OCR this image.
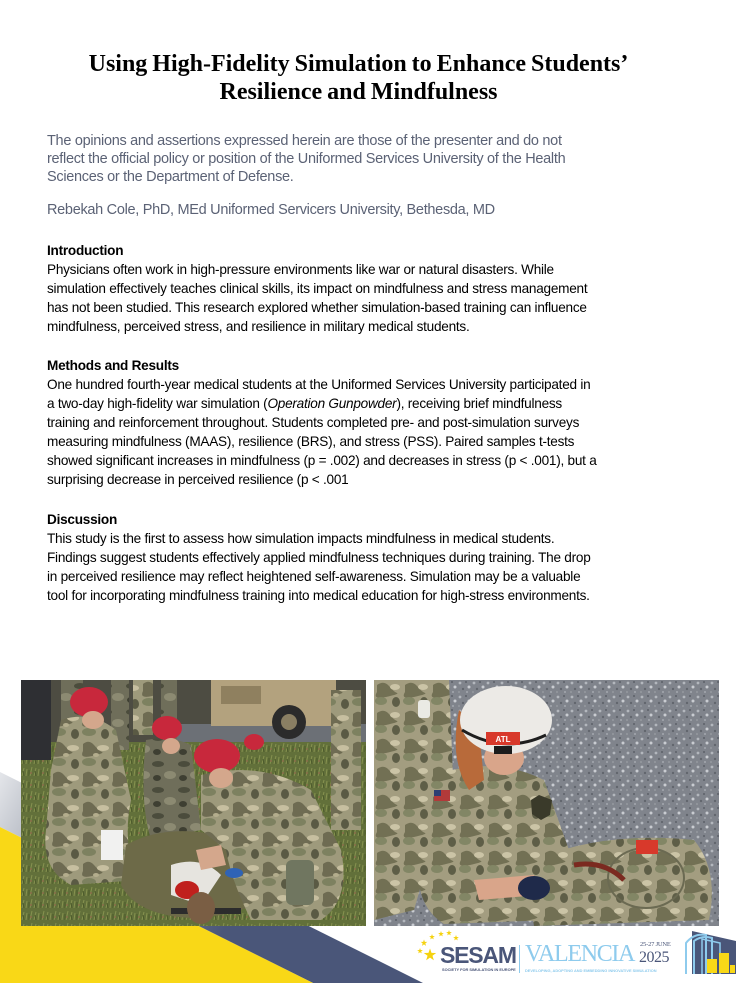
Using High-Fidelity Simulation to Enhance Students’
Resilience and Mindfulness
The opinions and assertions expressed herein are those of the presenter and do not
reflect the official policy or position of the Uniformed Services University of the Health
Sciences or the Department of Defense.
Rebekah Cole, PhD, MEd Uniformed Servicers University, Bethesda, MD
Introduction
Physicians often work in high-pressure environments like war or natural disasters. While
simulation effectively teaches clinical skills, its impact on mindfulness and stress management
has not been studied. This research explored whether simulation-based training can influence
mindfulness, perceived stress, and resilience in military medical students.
Methods and Results
One hundred fourth-year medical students at the Uniformed Services University participated in
a two-day high-fidelity war simulation (Operation Gunpowder), receiving brief mindfulness
training and reinforcement throughout. Students completed pre- and post-simulation surveys
measuring mindfulness (MAAS), resilience (BRS), and stress (PSS). Paired samples t-tests
showed significant increases in mindfulness (p = .002) and decreases in stress (p < .001), but a
surprising decrease in perceived resilience (p < .001
Discussion
This study is the first to assess how simulation impacts mindfulness in medical students.
Findings suggest students effectively applied mindfulness techniques during training. The drop
in perceived resilience may reflect heightened self-awareness. Simulation may be a valuable
tool for incorporating mindfulness training into medical education for high-stress environments.
ATL
SESAM
SOCIETY FOR SIMULATION IN EUROPE
VALENCIA 25-27 JUNE
2025
DEVELOPING, ADOPTING AND EMBEDDING INNOVATIVE SIMULATION
